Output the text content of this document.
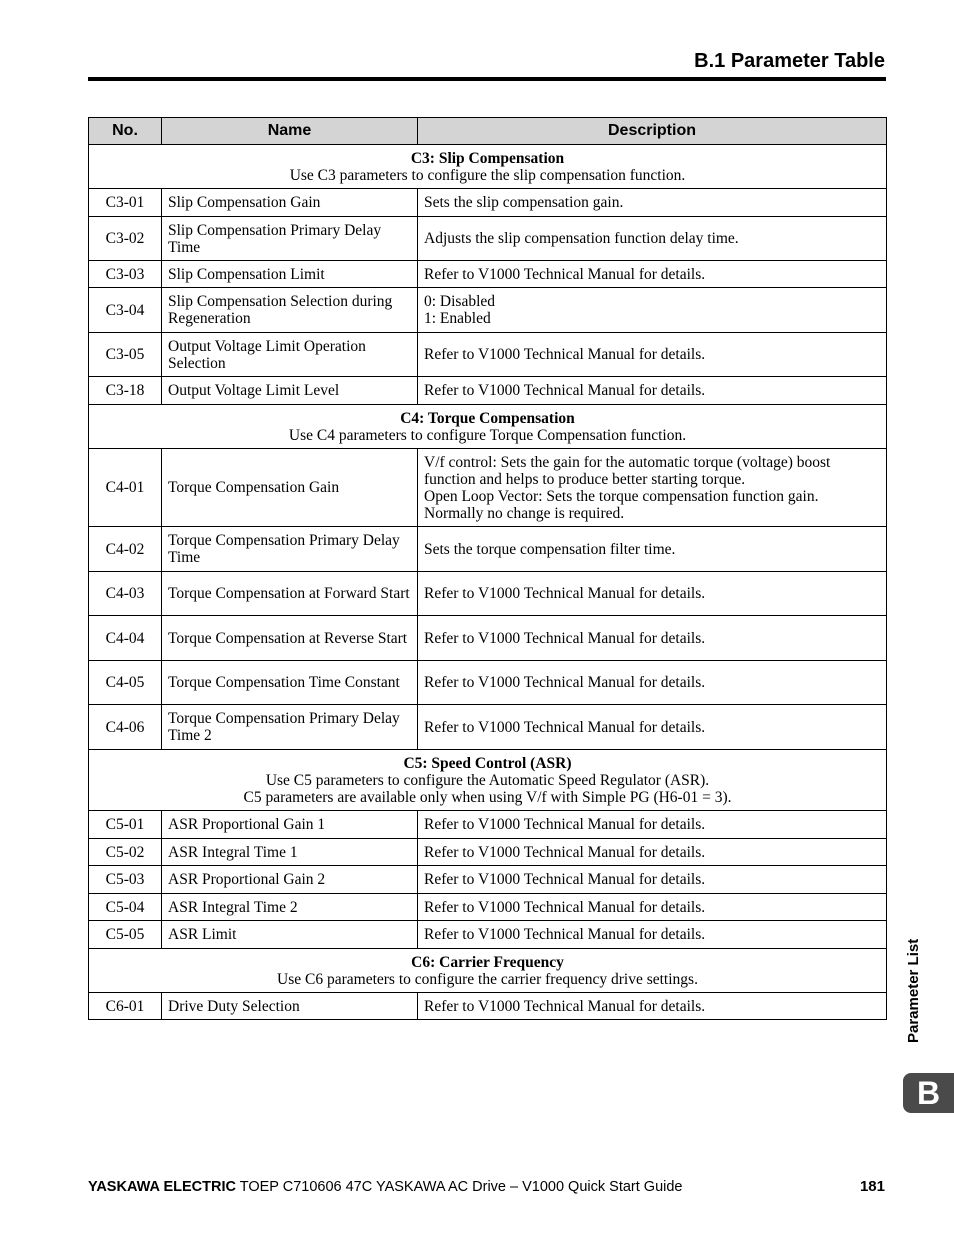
B.1 Parameter Table
No.	Name	Description

C3: Slip Compensation
Use C3 parameters to configure the slip compensation function.		

C3-01	Slip Compensation Gain	Sets the slip compensation gain.
C3-02	Slip Compensation Primary Delay Time	Adjusts the slip compensation function delay time.
C3-03	Slip Compensation Limit	Refer to V1000 Technical Manual for details.
C3-04	Slip Compensation Selection during Regeneration	0: Disabled
1: Enabled
C3-05	Output Voltage Limit Operation Selection	Refer to V1000 Technical Manual for details.
C3-18	Output Voltage Limit Level	Refer to V1000 Technical Manual for details.

C4: Torque Compensation
Use C4 parameters to configure Torque Compensation function.		

C4-01	Torque Compensation Gain	V/f control: Sets the gain for the automatic torque (voltage) boost function and helps to produce better starting torque.
Open Loop Vector: Sets the torque compensation function gain. Normally no change is required.
C4-02	Torque Compensation Primary Delay Time	Sets the torque compensation filter time.
C4-03	Torque Compensation at Forward Start	Refer to V1000 Technical Manual for details.
C4-04	Torque Compensation at Reverse Start	Refer to V1000 Technical Manual for details.
C4-05	Torque Compensation Time Constant	Refer to V1000 Technical Manual for details.
C4-06	Torque Compensation Primary Delay Time 2	Refer to V1000 Technical Manual for details.

C5: Speed Control (ASR)
Use C5 parameters to configure the Automatic Speed Regulator (ASR).
C5 parameters are available only when using V/f with Simple PG (H6-01 = 3).		

C5-01	ASR Proportional Gain 1	Refer to V1000 Technical Manual for details.
C5-02	ASR Integral Time 1	Refer to V1000 Technical Manual for details.
C5-03	ASR Proportional Gain 2	Refer to V1000 Technical Manual for details.
C5-04	ASR Integral Time 2	Refer to V1000 Technical Manual for details.
C5-05	ASR Limit	Refer to V1000 Technical Manual for details.

C6: Carrier Frequency
Use C6 parameters to configure the carrier frequency drive settings.		

C6-01	Drive Duty Selection	Refer to V1000 Technical Manual for details.	Parameter List
B
YASKAWA ELECTRIC TOEP C710606 47C YASKAWA AC Drive – V1000 Quick Start Guide	181
